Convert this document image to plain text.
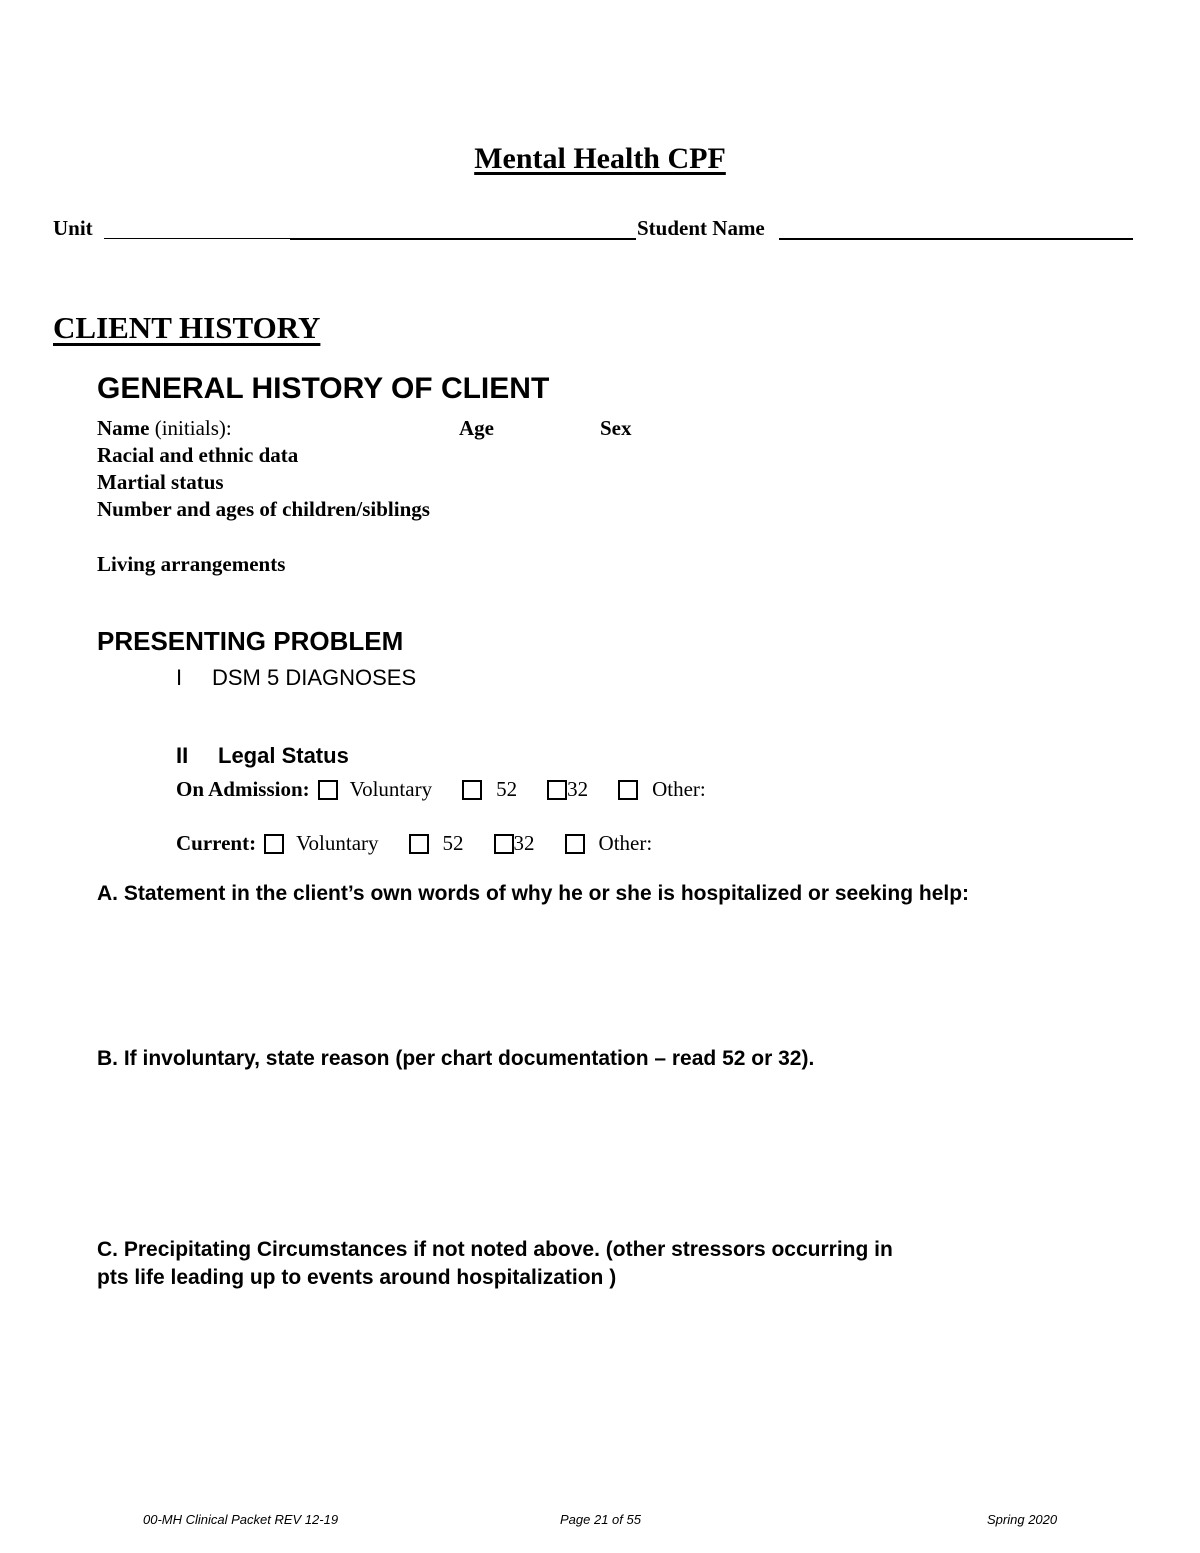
Mental Health CPF
Unit	Student Name
CLIENT HISTORY
GENERAL HISTORY OF CLIENT
Name (initials):	Age	Sex
Racial and ethnic data
Martial status
Number and ages of children/siblings
Living arrangements
PRESENTING PROBLEM
I DSM 5 DIAGNOSES
II Legal Status
On Admission: Voluntary	52 32	Other:
Current: Voluntary	52 32	Other:
A. Statement in the client’s own words of why he or she is hospitalized or seeking help:
B. If involuntary, state reason (per chart documentation – read 52 or 32).
C. Precipitating Circumstances if not noted above. (other stressors occurring in
pts life leading up to events around hospitalization )
00-MH Clinical Packet REV 12-19	Page 21 of 55	Spring 2020
